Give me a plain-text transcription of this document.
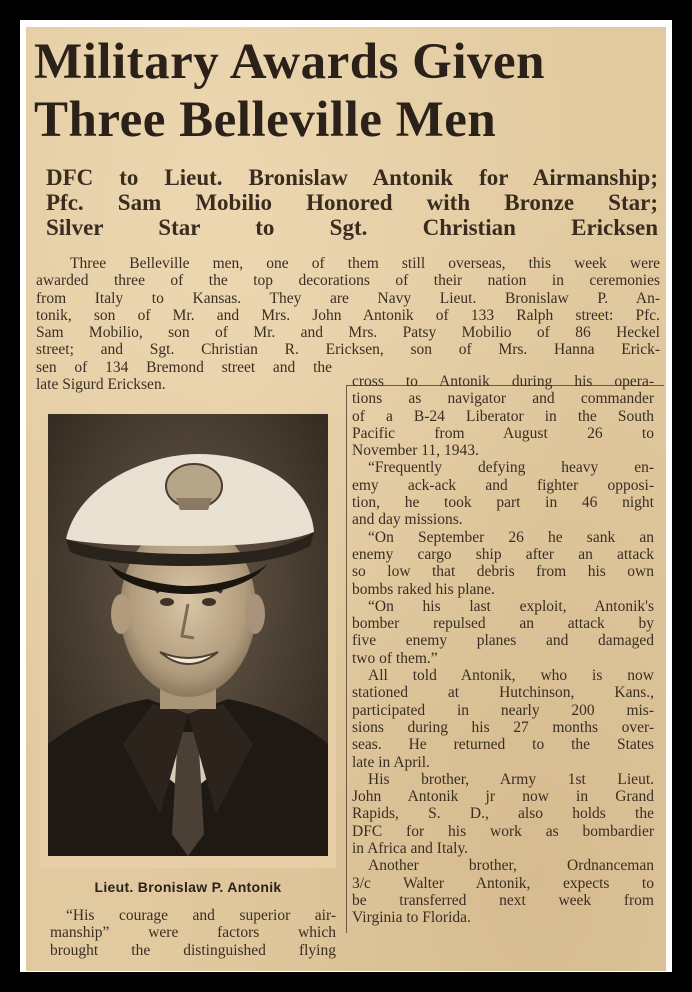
Military Awards Given
Three Belleville Men

DFC to Lieut. Bronislaw Antonik for Airmanship;

Pfc. Sam Mobilio Honored with Bronze Star;

Silver Star to Sgt. Christian Ericksen

Three Belleville men, one of them still overseas, this week were
awarded three of the top decorations of their nation in ceremonies
from Italy to Kansas. They are Navy Lieut. Bronislaw P. An-
tonik, son of Mr. and Mrs. John Antonik of 133 Ralph street: Pfc.
Sam Mobilio, son of Mr. and Mrs. Patsy Mobilio of 86 Heckel
street; and Sgt. Christian R. Ericksen, son of Mrs. Hanna Erick-
sen of 134 Bremond street and the
late Sigurd Ericksen.

Lieut. Bronislaw P. Antonik

“His courage and superior air-
manship” were factors which
brought the distinguished flying
cross to Antonik during his opera-
tions as navigator and commander
of a B-24 Liberator in the South
Pacific from August 26 to
November 11, 1943.
“Frequently defying heavy en-
emy ack-ack and fighter opposi-
tion, he took part in 46 night
and day missions.
“On September 26 he sank an
enemy cargo ship after an attack
so low that debris from his own
bombs raked his plane.
“On his last exploit, Antonik's
bomber repulsed an attack by
five enemy planes and damaged
two of them.”
All told Antonik, who is now
stationed at Hutchinson, Kans.,
participated in nearly 200 mis-
sions during his 27 months over-
seas. He returned to the States
late in April.
His brother, Army 1st Lieut.
John Antonik jr now in Grand
Rapids, S. D., also holds the
DFC for his work as bombardier
in Africa and Italy.
Another brother, Ordnanceman
3/c Walter Antonik, expects to
be transferred next week from
Virginia to Florida.
